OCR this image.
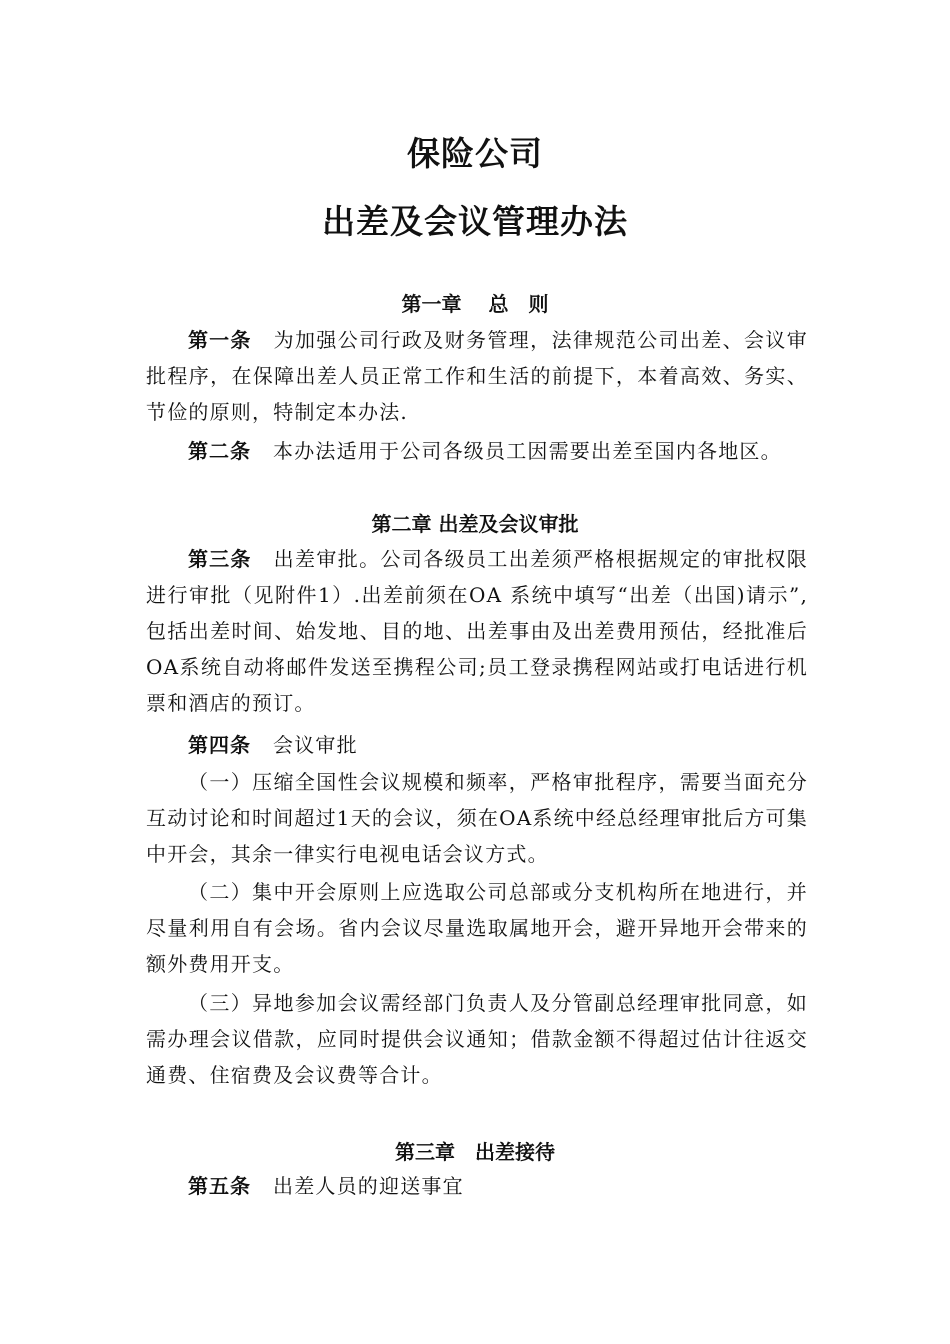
保险公司
出差及会议管理办法
第一章　 总　则

第一条 为加强公司行政及财务管理，法律规范公司出差、会议审批程序，在保障出差人员正常工作和生活的前提下，本着高效、务实、节俭的原则，特制定本办法.

第二条 本办法适用于公司各级员工因需要出差至国内各地区。

第二章 出差及会议审批

第三条 出差审批。公司各级员工出差须严格根据规定的审批权限进行审批（见附件1）.出差前须在OA 系统中填写“出差（出国)请示”,包括出差时间、始发地、目的地、出差事由及出差费用预估，经批准后OA系统自动将邮件发送至携程公司;员工登录携程网站或打电话进行机票和酒店的预订。

第四条 会议审批

（一）压缩全国性会议规模和频率，严格审批程序，需要当面充分互动讨论和时间超过1天的会议，须在OA系统中经总经理审批后方可集中开会，其余一律实行电视电话会议方式。

（二）集中开会原则上应选取公司总部或分支机构所在地进行，并尽量利用自有会场。省内会议尽量选取属地开会，避开异地开会带来的额外费用开支。

（三）异地参加会议需经部门负责人及分管副总经理审批同意，如需办理会议借款，应同时提供会议通知；借款金额不得超过估计往返交通费、住宿费及会议费等合计。

第三章　出差接待

第五条 出差人员的迎送事宜
